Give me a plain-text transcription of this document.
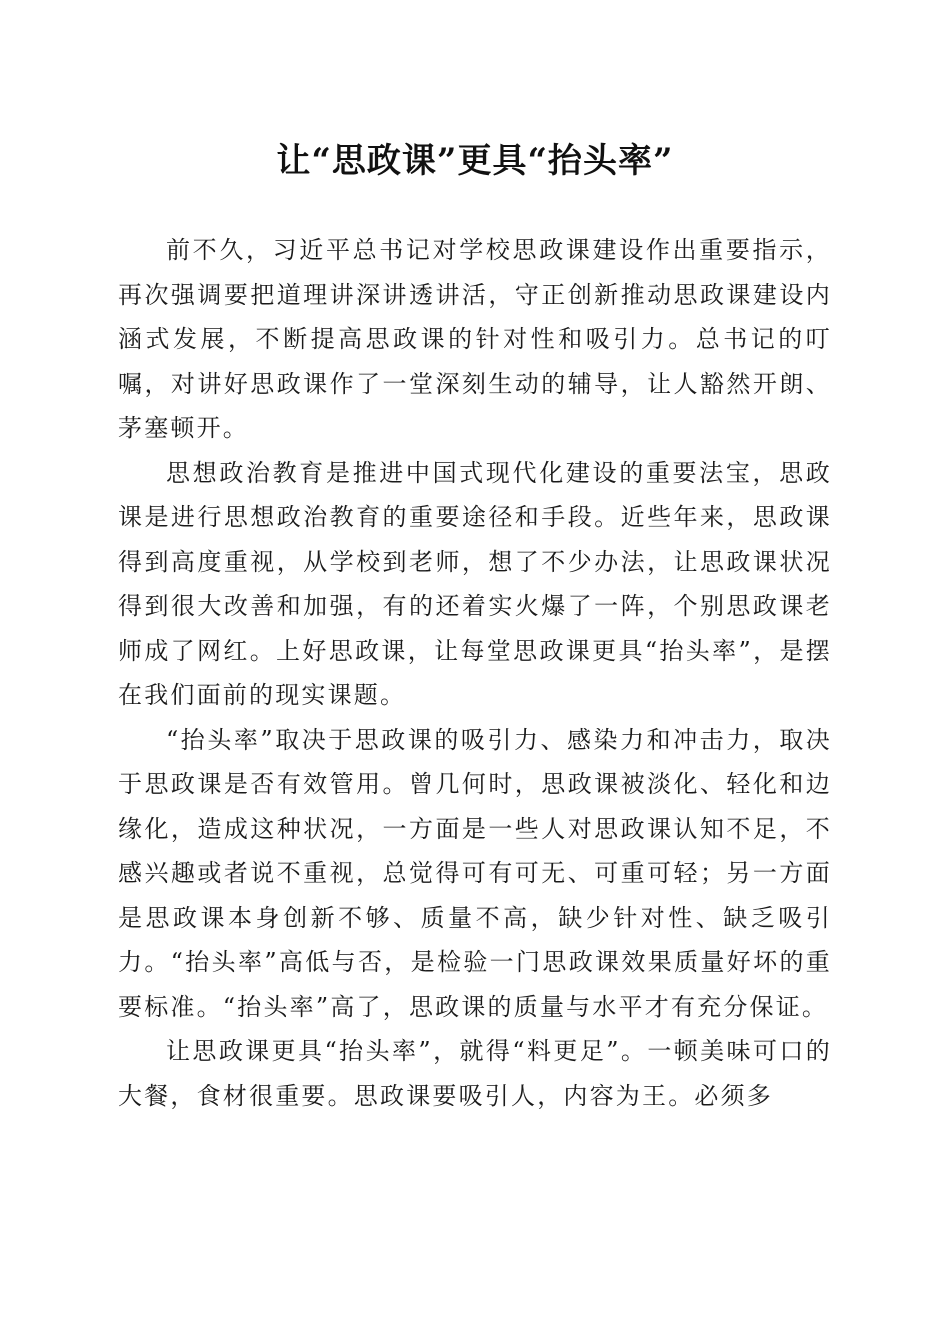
让“思政课”更具“抬头率”

前不久，习近平总书记对学校思政课建设作出重要指示，再次强调要把道理讲深讲透讲活，守正创新推动思政课建设内涵式发展，不断提高思政课的针对性和吸引力。总书记的叮嘱，对讲好思政课作了一堂深刻生动的辅导，让人豁然开朗、茅塞顿开。

思想政治教育是推进中国式现代化建设的重要法宝，思政课是进行思想政治教育的重要途径和手段。近些年来，思政课得到高度重视，从学校到老师，想了不少办法，让思政课状况得到很大改善和加强，有的还着实火爆了一阵，个别思政课老师成了网红。上好思政课，让每堂思政课更具“抬头率”，是摆在我们面前的现实课题。

“抬头率”取决于思政课的吸引力、感染力和冲击力，取决于思政课是否有效管用。曾几何时，思政课被淡化、轻化和边缘化，造成这种状况，一方面是一些人对思政课认知不足，不感兴趣或者说不重视，总觉得可有可无、可重可轻；另一方面是思政课本身创新不够、质量不高，缺少针对性、缺乏吸引力。“抬头率”高低与否，是检验一门思政课效果质量好坏的重要标准。“抬头率”高了，思政课的质量与水平才有充分保证。

让思政课更具“抬头率”，就得“料更足”。一顿美味可口的大餐，食材很重要。思政课要吸引人，内容为王。必须多
